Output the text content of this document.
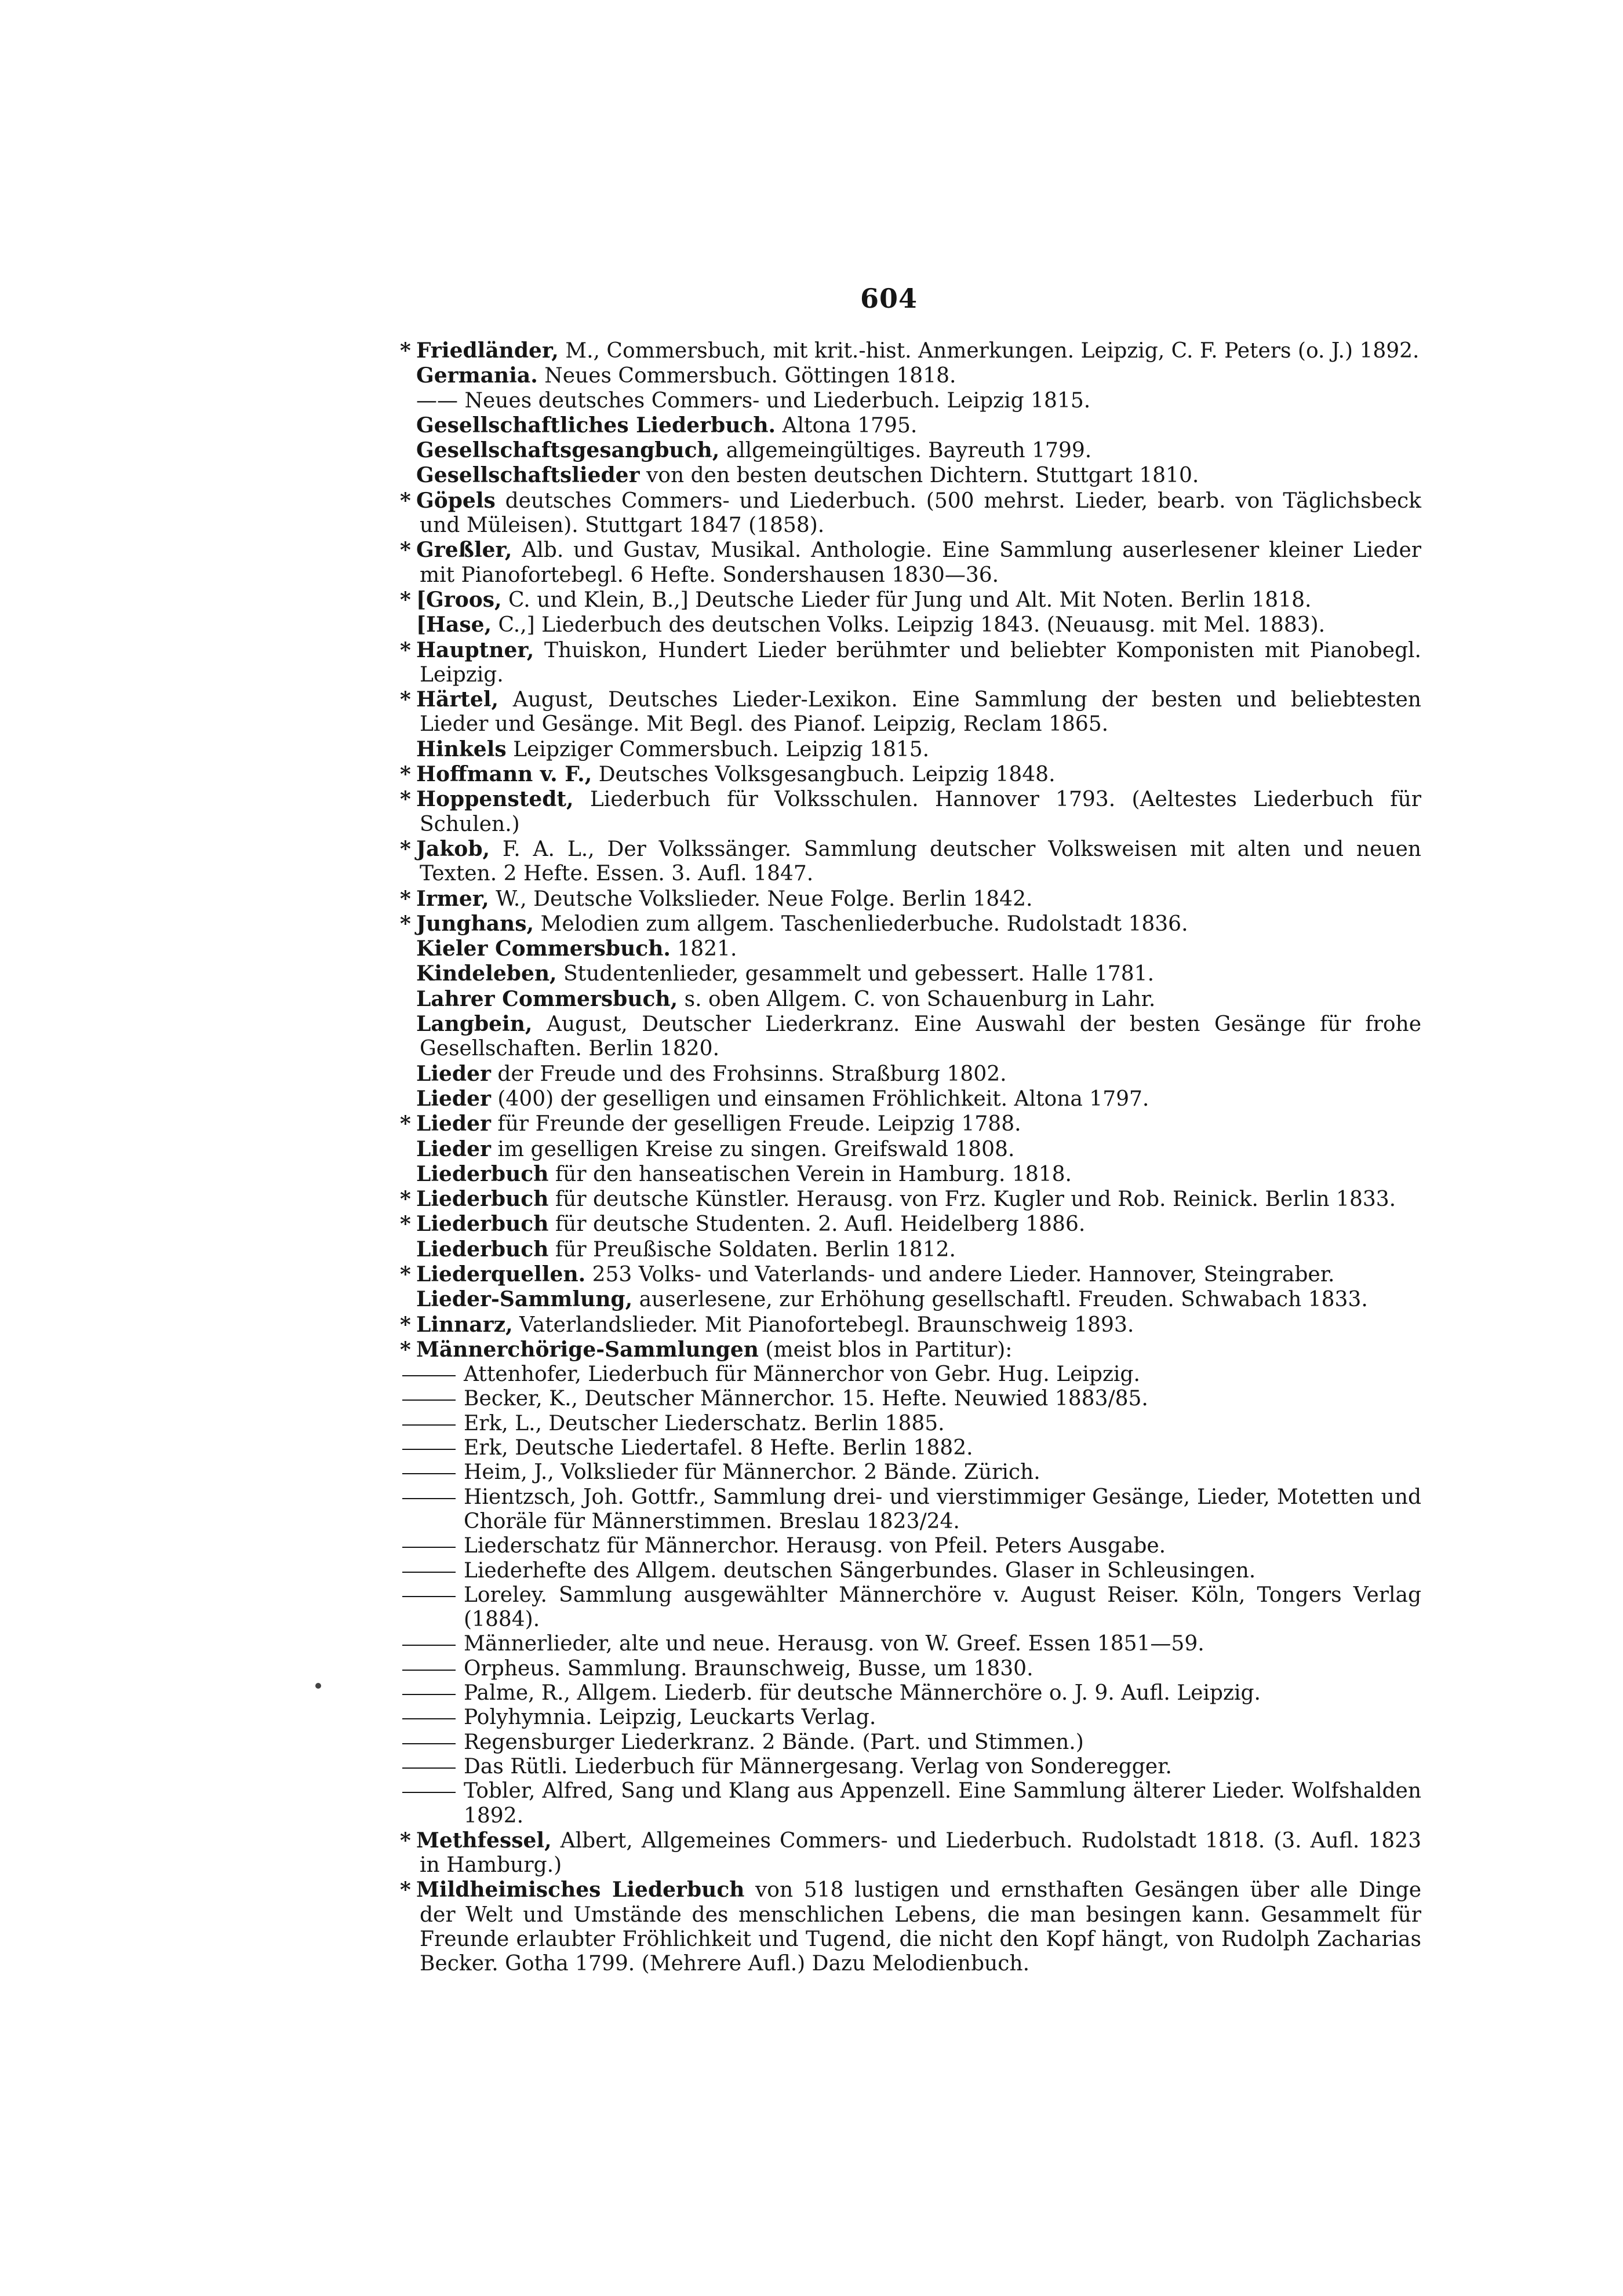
604
* Friedländer, M., Commersbuch, mit krit.-hist. Anmerkungen. Leipzig, C. F. Peters (o. J.) 1892.
Germania. Neues Commersbuch. Göttingen 1818.
—— Neues deutsches Commers- und Liederbuch. Leipzig 1815.
Gesellschaftliches Liederbuch. Altona 1795.
Gesellschaftsgesangbuch, allgemeingültiges. Bayreuth 1799.
Gesellschaftslieder von den besten deutschen Dichtern. Stuttgart 1810.
* Göpels deutsches Commers- und Liederbuch. (500 mehrst. Lieder, bearb. von Täglichsbeck und Müleisen). Stuttgart 1847 (1858).
* Greßler, Alb. und Gustav, Musikal. Anthologie. Eine Sammlung auserlesener kleiner Lieder mit Pianofortebegl. 6 Hefte. Sondershausen 1830—36.
* [Groos, C. und Klein, B.,] Deutsche Lieder für Jung und Alt. Mit Noten. Berlin 1818.
[Hase, C.,] Liederbuch des deutschen Volks. Leipzig 1843. (Neuausg. mit Mel. 1883).
* Hauptner, Thuiskon, Hundert Lieder berühmter und beliebter Komponisten mit Pianobegl. Leipzig.
* Härtel, August, Deutsches Lieder-Lexikon. Eine Sammlung der besten und beliebtesten Lieder und Gesänge. Mit Begl. des Pianof. Leipzig, Reclam 1865.
Hinkels Leipziger Commersbuch. Leipzig 1815.
* Hoffmann v. F., Deutsches Volksgesangbuch. Leipzig 1848.
* Hoppenstedt, Liederbuch für Volksschulen. Hannover 1793. (Aeltestes Liederbuch für Schulen.)
* Jakob, F. A. L., Der Volkssänger. Sammlung deutscher Volksweisen mit alten und neuen Texten. 2 Hefte. Essen. 3. Aufl. 1847.
* Irmer, W., Deutsche Volkslieder. Neue Folge. Berlin 1842.
* Junghans, Melodien zum allgem. Taschenliederbuche. Rudolstadt 1836.
Kieler Commersbuch. 1821.
Kindeleben, Studentenlieder, gesammelt und gebessert. Halle 1781.
Lahrer Commersbuch, s. oben Allgem. C. von Schauenburg in Lahr.
Langbein, August, Deutscher Liederkranz. Eine Auswahl der besten Gesänge für frohe Gesellschaften. Berlin 1820.
Lieder der Freude und des Frohsinns. Straßburg 1802.
Lieder (400) der geselligen und einsamen Fröhlichkeit. Altona 1797.
* Lieder für Freunde der geselligen Freude. Leipzig 1788.
Lieder im geselligen Kreise zu singen. Greifswald 1808.
Liederbuch für den hanseatischen Verein in Hamburg. 1818.
* Liederbuch für deutsche Künstler. Herausg. von Frz. Kugler und Rob. Reinick. Berlin 1833.
* Liederbuch für deutsche Studenten. 2. Aufl. Heidelberg 1886.
Liederbuch für Preußische Soldaten. Berlin 1812.
* Liederquellen. 253 Volks- und Vaterlands- und andere Lieder. Hannover, Steingraber.
Lieder-Sammlung, auserlesene, zur Erhöhung gesellschaftl. Freuden. Schwabach 1833.
* Linnarz, Vaterlandslieder. Mit Pianofortebegl. Braunschweig 1893.
* Männerchörige-Sammlungen (meist blos in Partitur):
Attenhofer, Liederbuch für Männerchor von Gebr. Hug. Leipzig.
Becker, K., Deutscher Männerchor. 15. Hefte. Neuwied 1883/85.
Erk, L., Deutscher Liederschatz. Berlin 1885.
Erk, Deutsche Liedertafel. 8 Hefte. Berlin 1882.
Heim, J., Volkslieder für Männerchor. 2 Bände. Zürich.
Hientzsch, Joh. Gottfr., Sammlung drei- und vierstimmiger Gesänge, Lieder, Motetten und Choräle für Männerstimmen. Breslau 1823/24.
Liederschatz für Männerchor. Herausg. von Pfeil. Peters Ausgabe.
Liederhefte des Allgem. deutschen Sängerbundes. Glaser in Schleusingen.
Loreley. Sammlung ausgewählter Männerchöre v. August Reiser. Köln, Tongers Verlag (1884).
Männerlieder, alte und neue. Herausg. von W. Greef. Essen 1851—59.
Orpheus. Sammlung. Braunschweig, Busse, um 1830.
Palme, R., Allgem. Liederb. für deutsche Männerchöre o. J. 9. Aufl. Leipzig.
Polyhymnia. Leipzig, Leuckarts Verlag.
Regensburger Liederkranz. 2 Bände. (Part. und Stimmen.)
Das Rütli. Liederbuch für Männergesang. Verlag von Sonderegger.
Tobler, Alfred, Sang und Klang aus Appenzell. Eine Sammlung älterer Lieder. Wolfshalden 1892.
* Methfessel, Albert, Allgemeines Commers- und Liederbuch. Rudolstadt 1818. (3. Aufl. 1823 in Hamburg.)
* Mildheimisches Liederbuch von 518 lustigen und ernsthaften Gesängen über alle Dinge der Welt und Umstände des menschlichen Lebens, die man besingen kann. Gesammelt für Freunde erlaubter Fröhlichkeit und Tugend, die nicht den Kopf hängt, von Rudolph Zacharias Becker. Gotha 1799. (Mehrere Aufl.) Dazu Melodienbuch.
